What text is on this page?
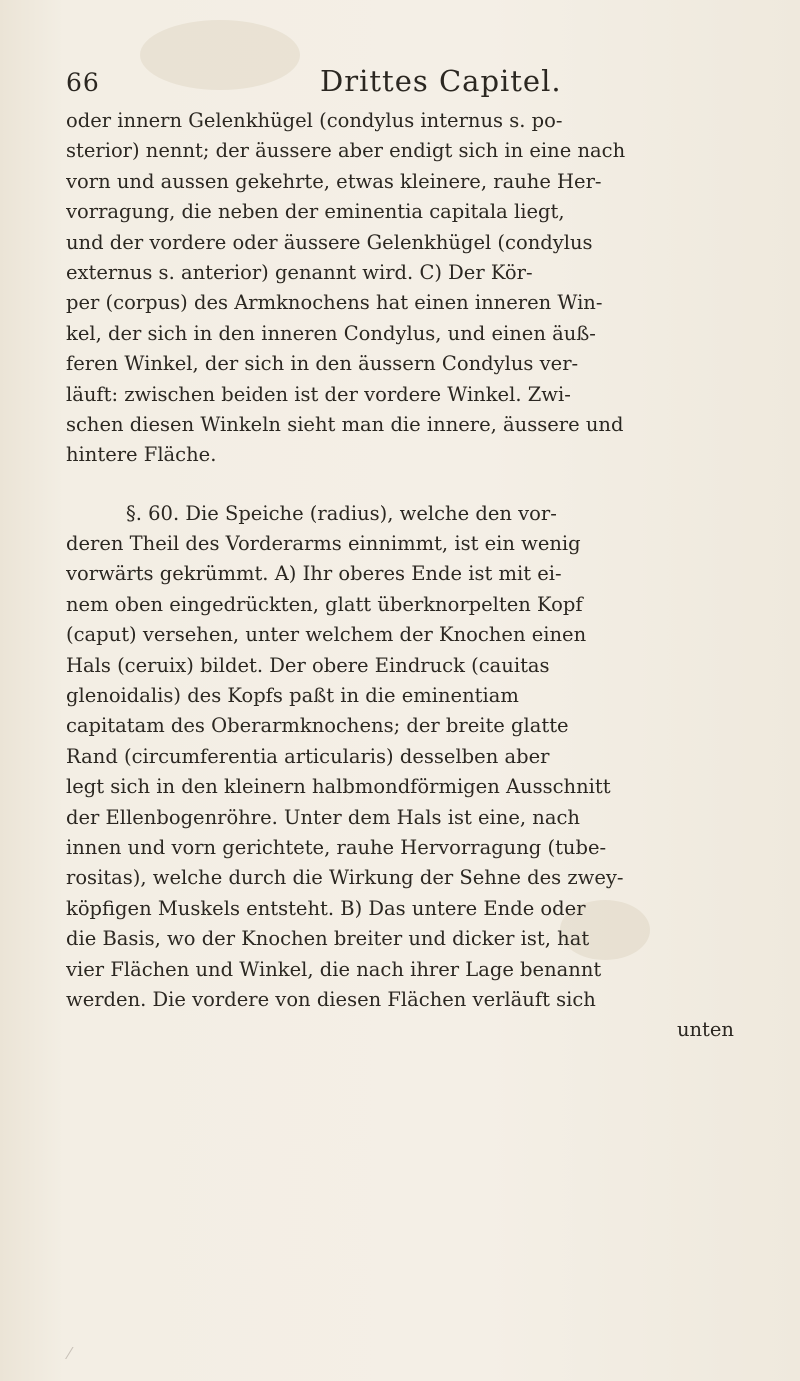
66	Drittes Capitel.
oder innern Gelenkhügel (condylus internus s. po-
sterior) nennt; der äussere aber endigt sich in eine nach
vorn und aussen gekehrte, etwas kleinere, rauhe Her-
vorragung, die neben der eminentia capitala liegt,
und der vordere oder äussere Gelenkhügel (condylus
externus s. anterior) genannt wird. C) Der Kör-
per (corpus) des Armknochens hat einen inneren Win-
kel, der sich in den inneren Condylus, und einen äuß-
feren Winkel, der sich in den äussern Condylus ver-
läuft: zwischen beiden ist der vordere Winkel. Zwi-
schen diesen Winkeln sieht man die innere, äussere und
hintere Fläche.
§. 60. Die Speiche (radius), welche den vor-
deren Theil des Vorderarms einnimmt, ist ein wenig
vorwärts gekrümmt. A) Ihr oberes Ende ist mit ei-
nem oben eingedrückten, glatt überknorpelten Kopf
(caput) versehen, unter welchem der Knochen einen
Hals (ceruix) bildet. Der obere Eindruck (cauitas
glenoidalis) des Kopfs paßt in die eminentiam
capitatam des Oberarmknochens; der breite glatte
Rand (circumferentia articularis) desselben aber
legt sich in den kleinern halbmondförmigen Ausschnitt
der Ellenbogenröhre. Unter dem Hals ist eine, nach
innen und vorn gerichtete, rauhe Hervorragung (tube-
rositas), welche durch die Wirkung der Sehne des zwey-
köpfigen Muskels entsteht. B) Das untere Ende oder
die Basis, wo der Knochen breiter und dicker ist, hat
vier Flächen und Winkel, die nach ihrer Lage benannt
werden. Die vordere von diesen Flächen verläuft sich
unten
⁄
